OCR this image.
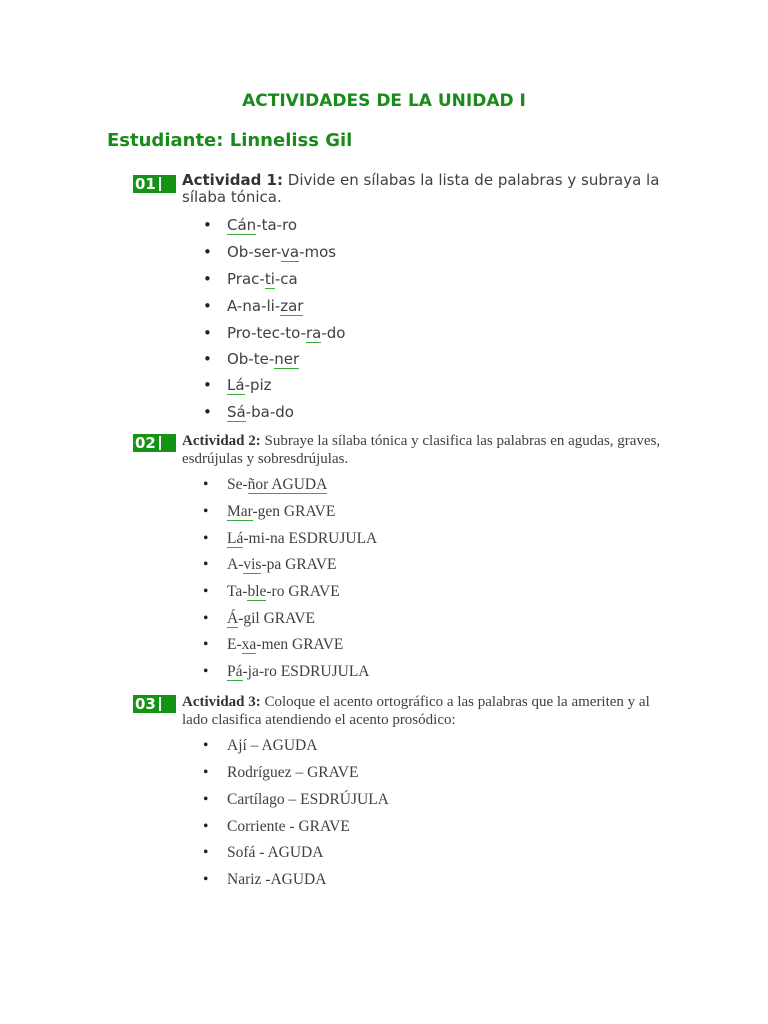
ACTIVIDADES DE LA UNIDAD I
Estudiante: Linneliss Gil
01 Actividad 1: Divide en sílabas la lista de palabras y subraya la sílaba tónica.

• Cán-ta-ro
• Ob-ser-va-mos
• Prac-ti-ca
• A-na-li-zar
• Pro-tec-to-ra-do
• Ob-te-ner
• Lá-piz
• Sá-ba-do
02 Actividad 2: Subraye la sílaba tónica y clasifica las palabras en agudas, graves, esdrújulas y sobresdrújulas.

• Se-ñor AGUDA
• Mar-gen GRAVE
• Lá-mi-na ESDRUJULA
• A-vis-pa GRAVE
• Ta-ble-ro GRAVE
• Á-gil GRAVE
• E-xa-men GRAVE
• Pá-ja-ro ESDRUJULA
03 Actividad 3: Coloque el acento ortográfico a las palabras que la ameriten y al lado clasifica atendiendo el acento prosódico:

• Ají – AGUDA
• Rodríguez – GRAVE
• Cartílago – ESDRÚJULA
• Corriente - GRAVE
• Sofá - AGUDA
• Nariz -AGUDA
